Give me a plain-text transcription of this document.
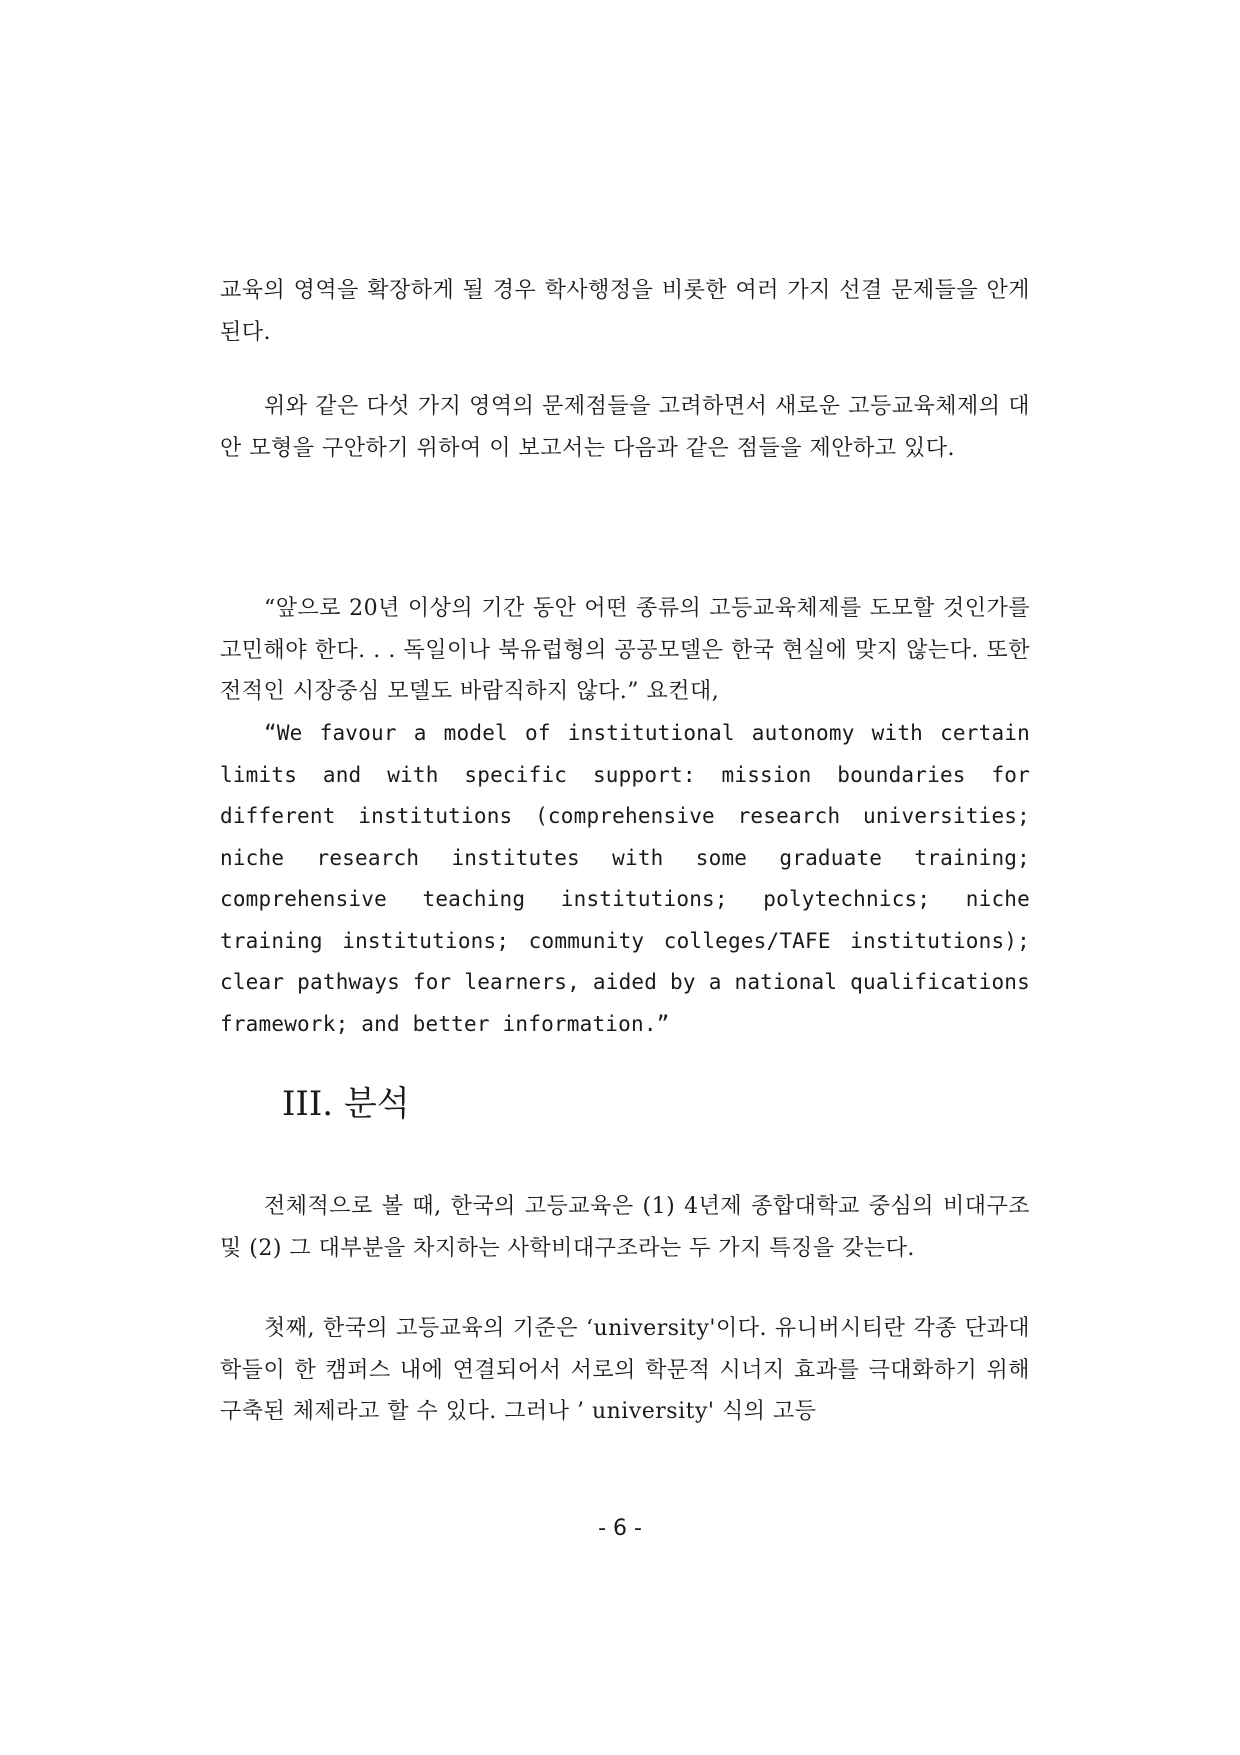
교육의 영역을 확장하게 될 경우 학사행정을 비롯한 여러 가지 선결 문제들을 안게 된다.

위와 같은 다섯 가지 영역의 문제점들을 고려하면서 새로운 고등교육체제의 대안 모형을 구안하기 위하여 이 보고서는 다음과 같은 점들을 제안하고 있다.

“앞으로 20년 이상의 기간 동안 어떤 종류의 고등교육체제를 도모할 것인가를 고민해야 한다. . . 독일이나 북유럽형의 공공모델은 한국 현실에 맞지 않는다. 또한 전적인 시장중심 모델도 바람직하지 않다.” 요컨대,

“We favour a model of institutional autonomy with certain limits and with specific support: mission boundaries for different institutions (comprehensive research universities; niche research institutes with some graduate training; comprehensive teaching institutions; polytechnics; niche training institutions; community colleges/TAFE institutions); clear pathways for learners, aided by a national qualifications framework; and better information.”

III. 분석

전체적으로 볼 때, 한국의 고등교육은 (1) 4년제 종합대학교 중심의 비대구조 및 (2) 그 대부분을 차지하는 사학비대구조라는 두 가지 특징을 갖는다.

첫째, 한국의 고등교육의 기준은 ‘university'이다. 유니버시티란 각종 단과대학들이 한 캠퍼스 내에 연결되어서 서로의 학문적 시너지 효과를 극대화하기 위해 구축된 체제라고 할 수 있다. 그러나 ’ university' 식의 고등

- 6 -
